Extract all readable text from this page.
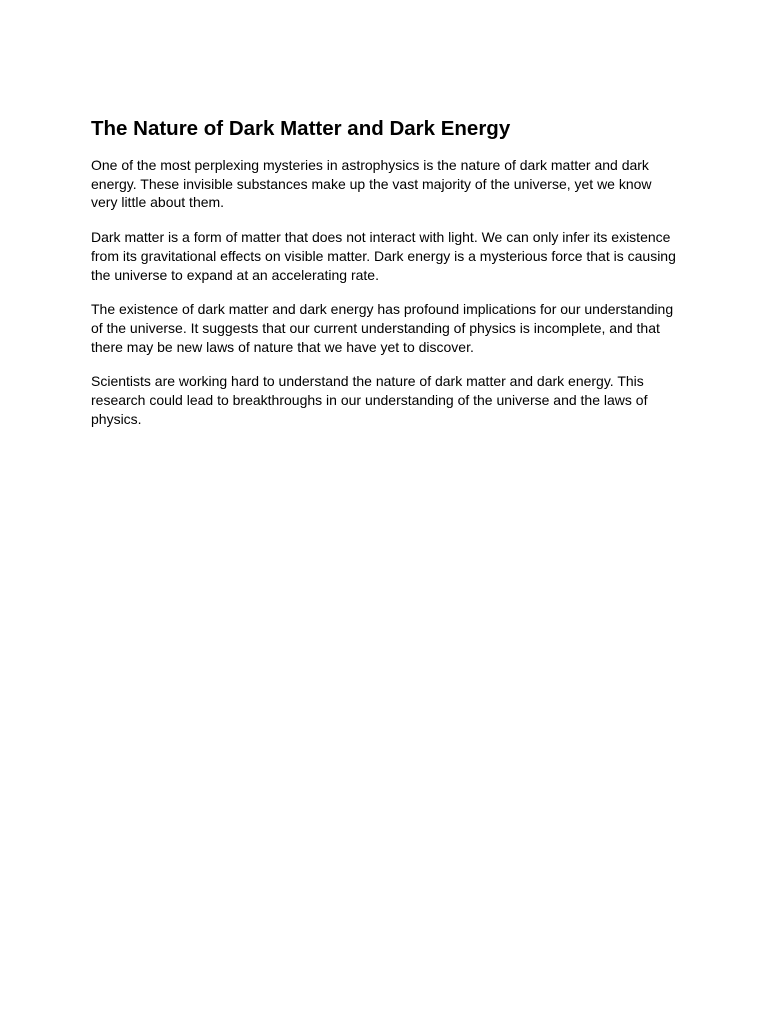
The Nature of Dark Matter and Dark Energy

One of the most perplexing mysteries in astrophysics is the nature of dark matter and dark energy. These invisible substances make up the vast majority of the universe, yet we know very little about them.

Dark matter is a form of matter that does not interact with light. We can only infer its existence from its gravitational effects on visible matter. Dark energy is a mysterious force that is causing the universe to expand at an accelerating rate.

The existence of dark matter and dark energy has profound implications for our understanding of the universe. It suggests that our current understanding of physics is incomplete, and that there may be new laws of nature that we have yet to discover.

Scientists are working hard to understand the nature of dark matter and dark energy. This research could lead to breakthroughs in our understanding of the universe and the laws of physics.
